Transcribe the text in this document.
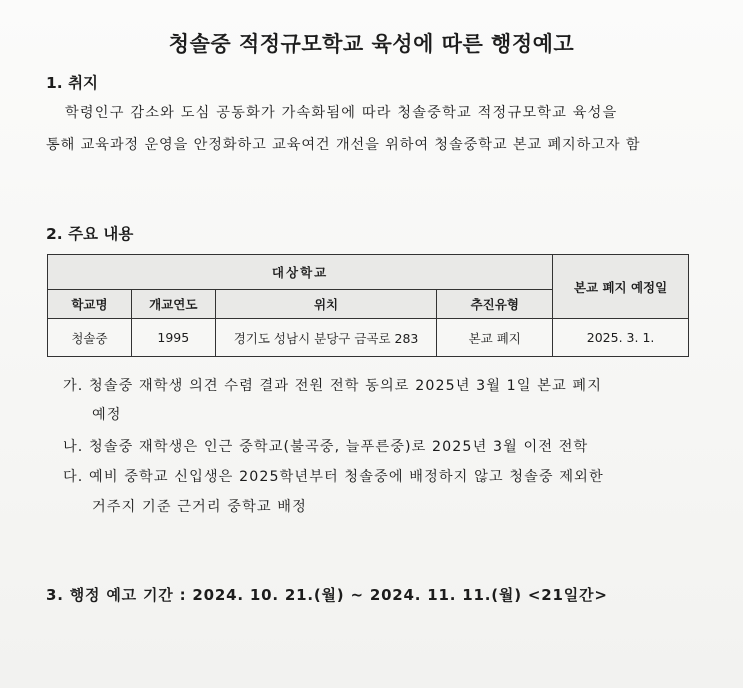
청솔중 적정규모학교 육성에 따른 행정예고
1. 취지
학령인구 감소와 도심 공동화가 가속화됨에 따라 청솔중학교 적정규모학교 육성을
통해 교육과정 운영을 안정화하고 교육여건 개선을 위하여 청솔중학교 본교 폐지하고자 함
2. 주요 내용
대상학교				본교 폐지 예정일
학교명	개교연도	위치	추진유형	
청솔중	1995	경기도 성남시 분당구 금곡로 283	본교 폐지	2025. 3. 1.
가. 청솔중 재학생 의견 수렴 결과 전원 전학 동의로 2025년 3월 1일 본교 폐지
예정
나. 청솔중 재학생은 인근 중학교(불곡중, 늘푸른중)로 2025년 3월 이전 전학
다. 예비 중학교 신입생은 2025학년부터 청솔중에 배정하지 않고 청솔중 제외한
거주지 기준 근거리 중학교 배정
3. 행정 예고 기간 : 2024. 10. 21.(월) ~ 2024. 11. 11.(월) <21일간>
